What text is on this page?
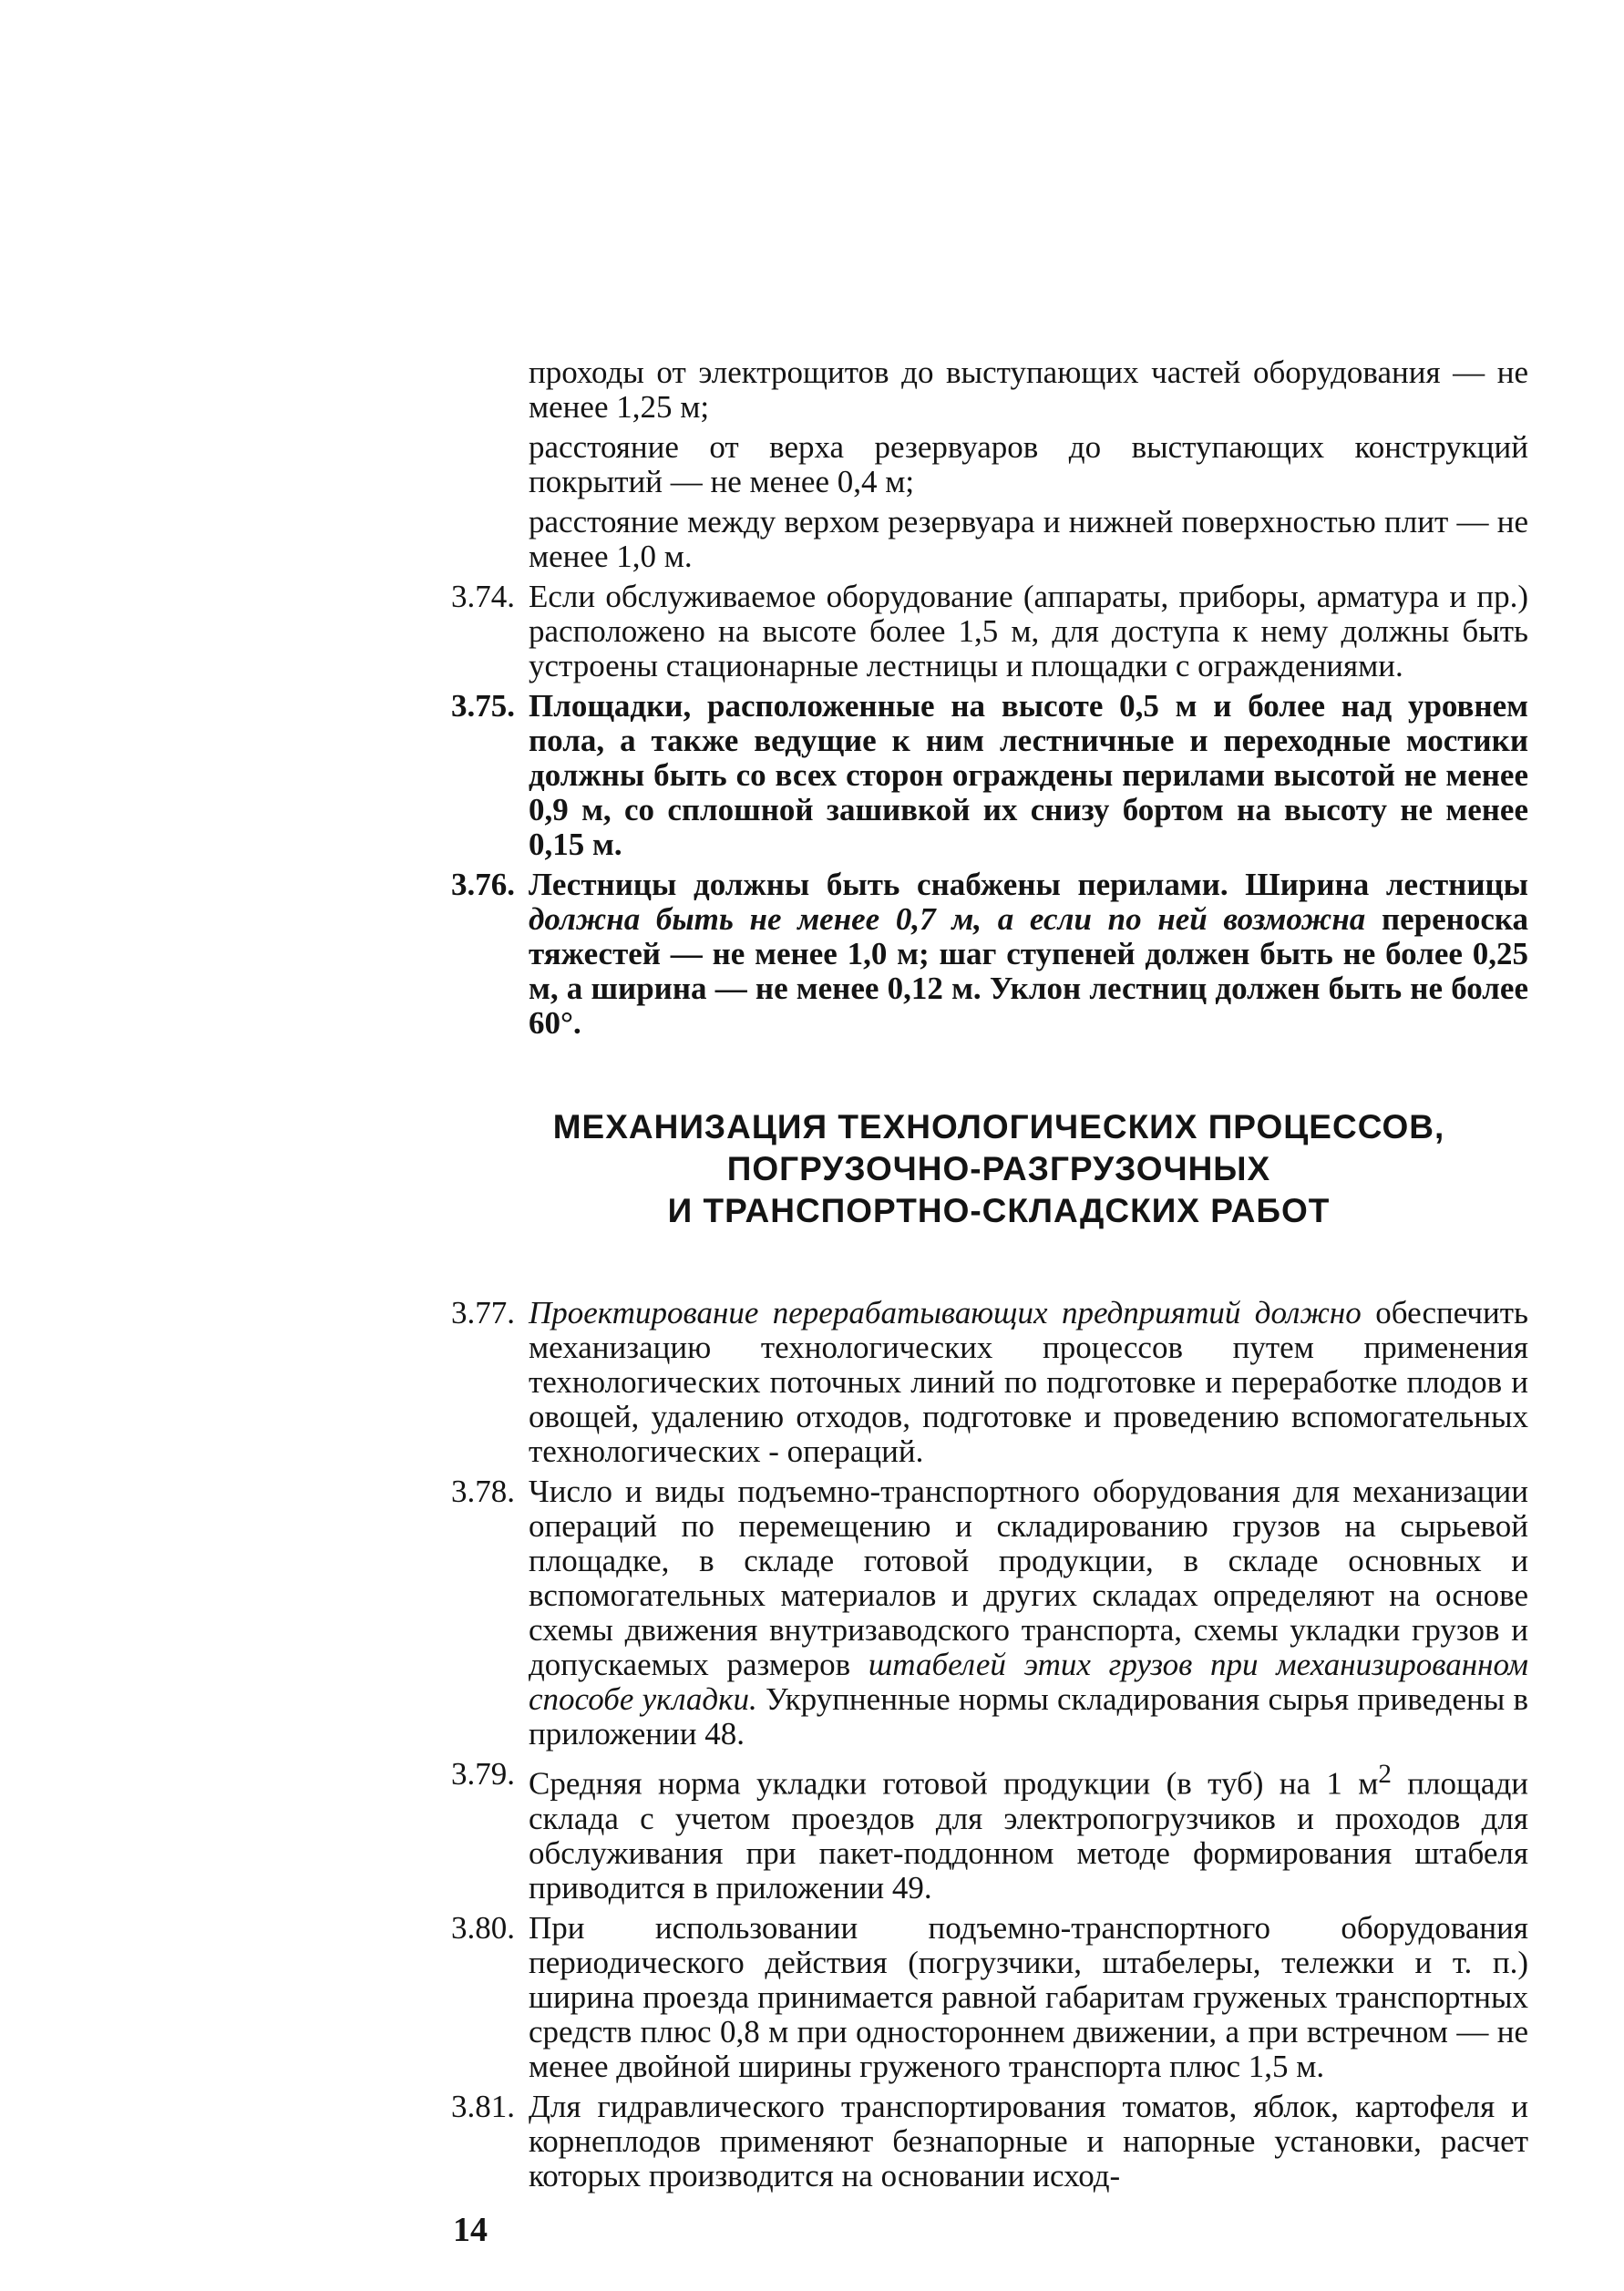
проходы от электрощитов до выступающих частей оборудования — не менее 1,25 м;

расстояние от верха резервуаров до выступающих конструкций покрытий — не менее 0,4 м;

расстояние между верхом резервуара и нижней поверхностью плит — не менее 1,0 м.

3.74. Если обслуживаемое оборудование (аппараты, приборы, арматура и пр.) расположено на высоте более 1,5 м, для доступа к нему должны быть устроены стационарные лестницы и площадки с ограждениями.
3.75. Площадки, расположенные на высоте 0,5 м и более над уровнем пола, а также ведущие к ним лестничные и переходные мостики должны быть со всех сторон ограждены перилами высотой не менее 0,9 м, со сплошной зашивкой их снизу бортом на высоту не менее 0,15 м.
3.76. Лестницы должны быть снабжены перилами. Ширина лестницы должна быть не менее 0,7 м, а если по ней возможна переноска тяжестей — не менее 1,0 м; шаг ступеней должен быть не более 0,25 м, а ширина — не менее 0,12 м. Уклон лестниц должен быть не более 60°.
МЕХАНИЗАЦИЯ ТЕХНОЛОГИЧЕСКИХ ПРОЦЕССОВ,
ПОГРУЗОЧНО-РАЗГРУЗОЧНЫХ
И ТРАНСПОРТНО-СКЛАДСКИХ РАБОТ
3.77. Проектирование перерабатывающих предприятий должно обеспечить механизацию технологических процессов путем применения технологических поточных линий по подготовке и переработке плодов и овощей, удалению отходов, подготовке и проведению вспомогательных технологических - операций.
3.78. Число и виды подъемно-транспортного оборудования для механизации операций по перемещению и складированию грузов на сырьевой площадке, в складе готовой продукции, в складе основных и вспомогательных материалов и других складах определяют на основе схемы движения внутризаводского транспорта, схемы укладки грузов и допускаемых размеров штабелей этих грузов при механизированном способе укладки. Укрупненные нормы складирования сырья приведены в приложении 48.
3.79. Средняя норма укладки готовой продукции (в туб) на 1 $м^2$ площади склада с учетом проездов для электропогрузчиков и проходов для обслуживания при пакет-поддонном методе формирования штабеля приводится в приложении 49.
3.80. При использовании подъемно-транспортного оборудования периодического действия (погрузчики, штабелеры, тележки и т. п.) ширина проезда принимается равной габаритам груженых транспортных средств плюс 0,8 м при одностороннем движении, а при встречном — не менее двойной ширины груженого транспорта плюс 1,5 м.
3.81. Для гидравлического транспортирования томатов, яблок, картофеля и корнеплодов применяют безнапорные и напорные установки, расчет которых производится на основании исход-
14
